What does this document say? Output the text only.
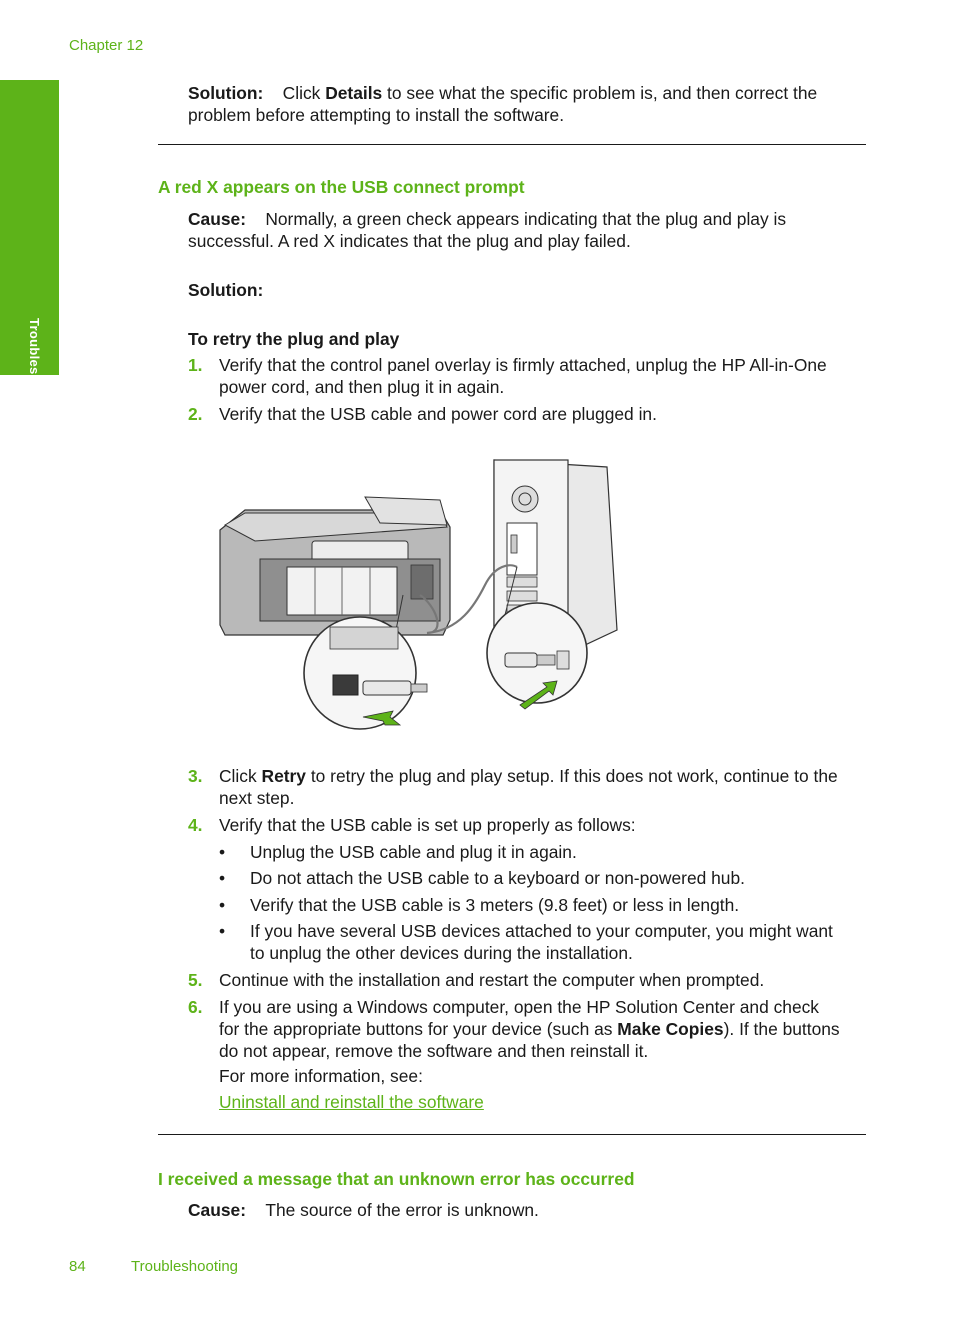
Chapter 12
Troubleshooting
Solution: Click Details to see what the specific problem is, and then correct the
problem before attempting to install the software.
A red X appears on the USB connect prompt
Cause: Normally, a green check appears indicating that the plug and play is
successful. A red X indicates that the plug and play failed.
Solution:
To retry the plug and play
1. Verify that the control panel overlay is firmly attached, unplug the HP All-in-One
power cord, and then plug it in again.
2. Verify that the USB cable and power cord are plugged in.
3. Click Retry to retry the plug and play setup. If this does not work, continue to the
next step.
4. Verify that the USB cable is set up properly as follows:
• Unplug the USB cable and plug it in again.
• Do not attach the USB cable to a keyboard or non-powered hub.
• Verify that the USB cable is 3 meters (9.8 feet) or less in length.
• If you have several USB devices attached to your computer, you might want
to unplug the other devices during the installation.
5. Continue with the installation and restart the computer when prompted.
6. If you are using a Windows computer, open the HP Solution Center and check
for the appropriate buttons for your device (such as Make Copies). If the buttons
do not appear, remove the software and then reinstall it.
For more information, see:
Uninstall and reinstall the software
I received a message that an unknown error has occurred
Cause: The source of the error is unknown.
84	Troubleshooting
